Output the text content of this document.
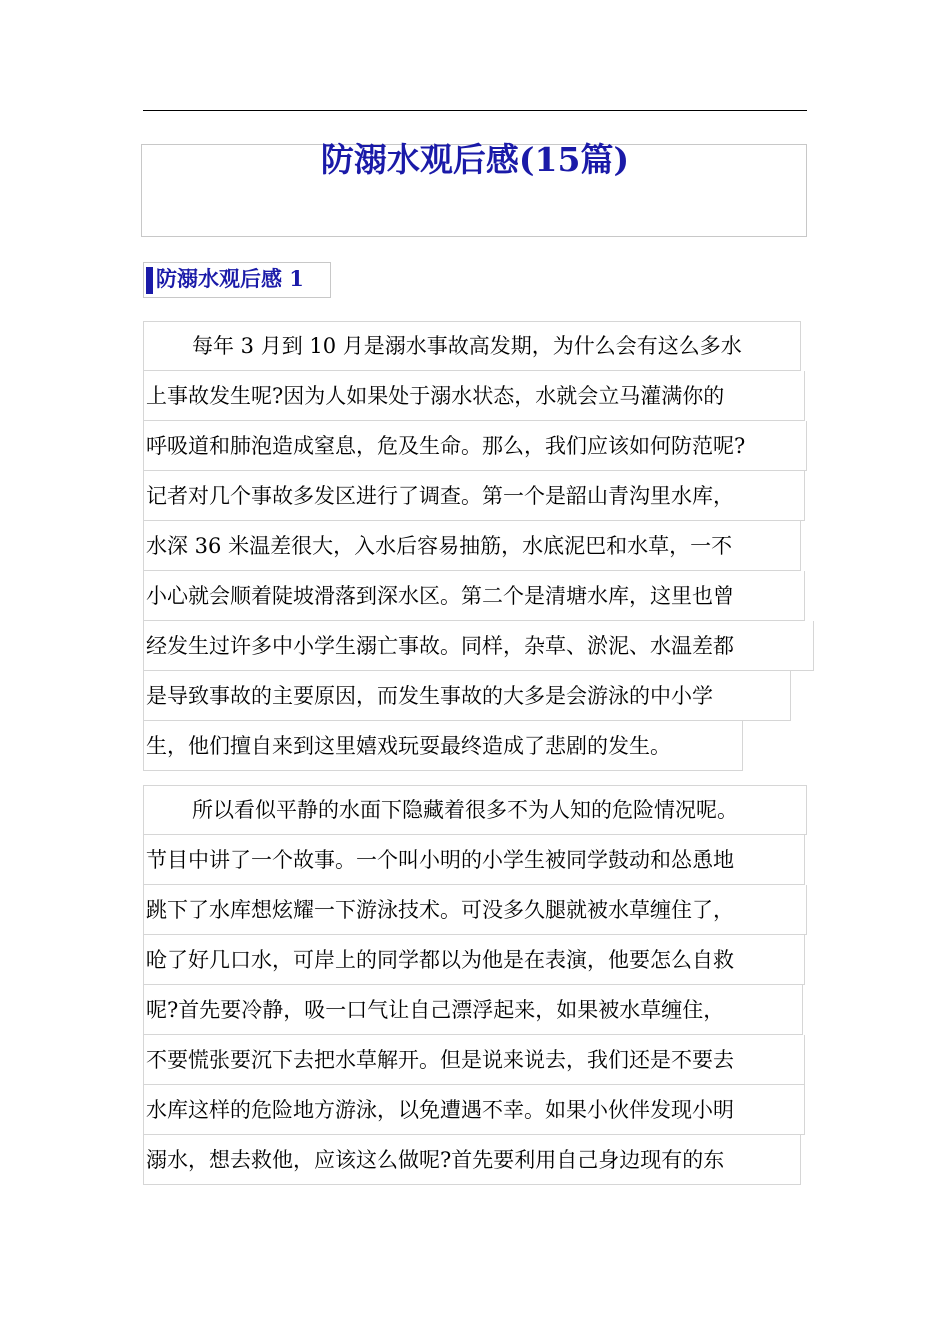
防溺水观后感(15篇)
防溺水观后感 1
每年 3 月到 10 月是溺水事故高发期，为什么会有这么多水
上事故发生呢?因为人如果处于溺水状态，水就会立马灌满你的
呼吸道和肺泡造成窒息，危及生命。那么，我们应该如何防范呢?
记者对几个事故多发区进行了调查。第一个是韶山青沟里水库，
水深 36 米温差很大，入水后容易抽筋，水底泥巴和水草，一不
小心就会顺着陡坡滑落到深水区。第二个是清塘水库，这里也曾
经发生过许多中小学生溺亡事故。同样，杂草、淤泥、水温差都
是导致事故的主要原因，而发生事故的大多是会游泳的中小学
生，他们擅自来到这里嬉戏玩耍最终造成了悲剧的发生。
所以看似平静的水面下隐藏着很多不为人知的危险情况呢。
节目中讲了一个故事。一个叫小明的小学生被同学鼓动和怂恿地
跳下了水库想炫耀一下游泳技术。可没多久腿就被水草缠住了，
呛了好几口水，可岸上的同学都以为他是在表演，他要怎么自救
呢?首先要冷静，吸一口气让自己漂浮起来，如果被水草缠住，
不要慌张要沉下去把水草解开。但是说来说去，我们还是不要去
水库这样的危险地方游泳，以免遭遇不幸。如果小伙伴发现小明
溺水，想去救他，应该这么做呢?首先要利用自己身边现有的东
